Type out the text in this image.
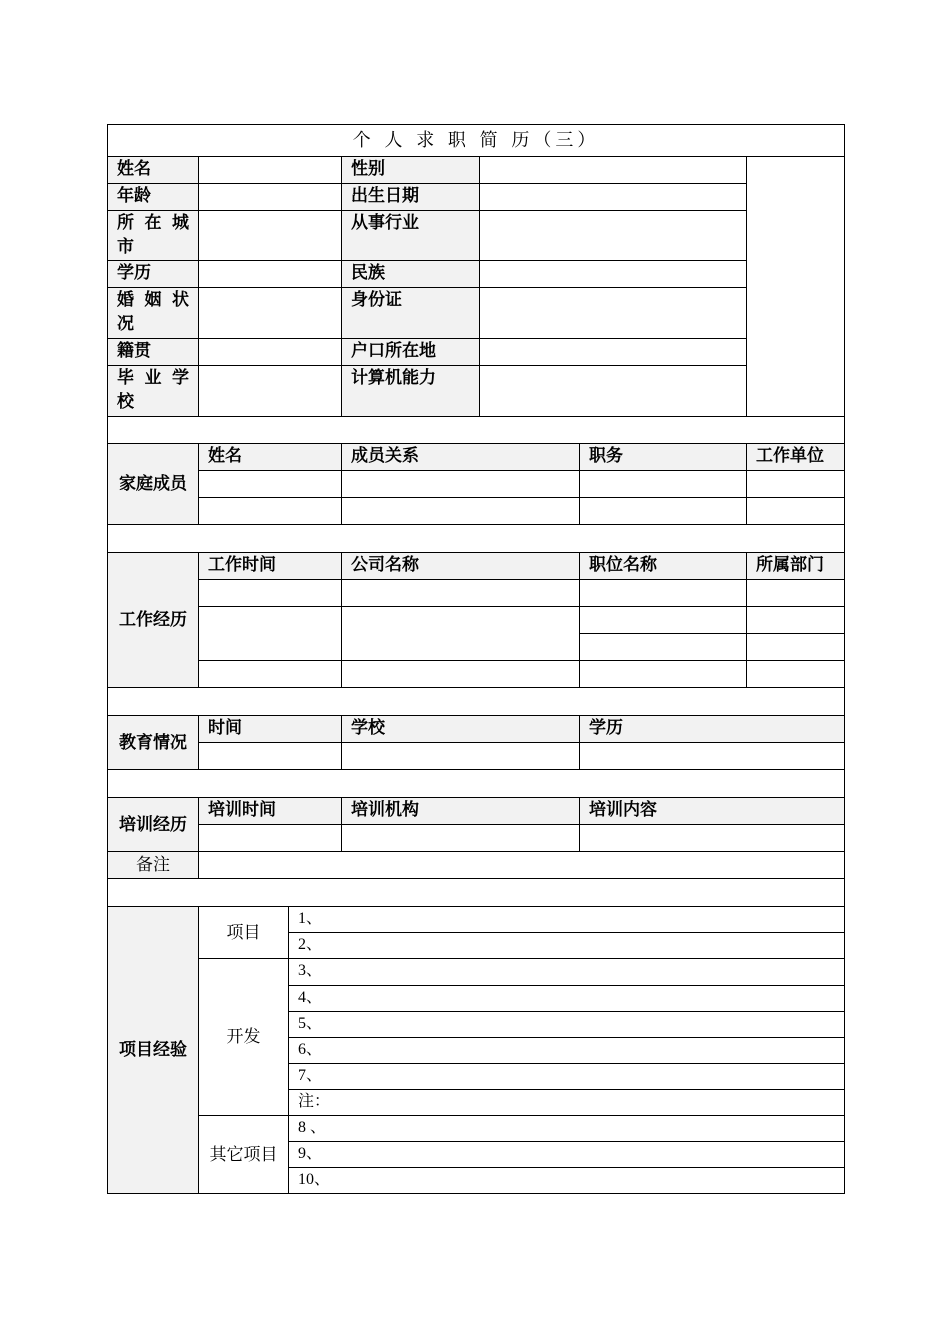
个 人 求 职 简 历（三）						
姓名			性别			
年龄			出生日期			
所 在 城 市			从事行业			
学历			民族			
婚 姻 状 况			身份证			
籍贯			户口所在地			
毕 业 学 校			计算机能力			

家庭成员	姓名		成员关系		职务	工作单位

工作经历	工作时间		公司名称		职位名称	所属部门

教育情况	时间		学校		学历	

培训经历	培训时间		培训机构		培训内容	

备注						

项目经验	项目	1、				
		2、				
	开发	3、				
		4、				
		5、				
		6、				
		7、				
		注：				
	其它项目	8 、				
		9、				
		10、				
